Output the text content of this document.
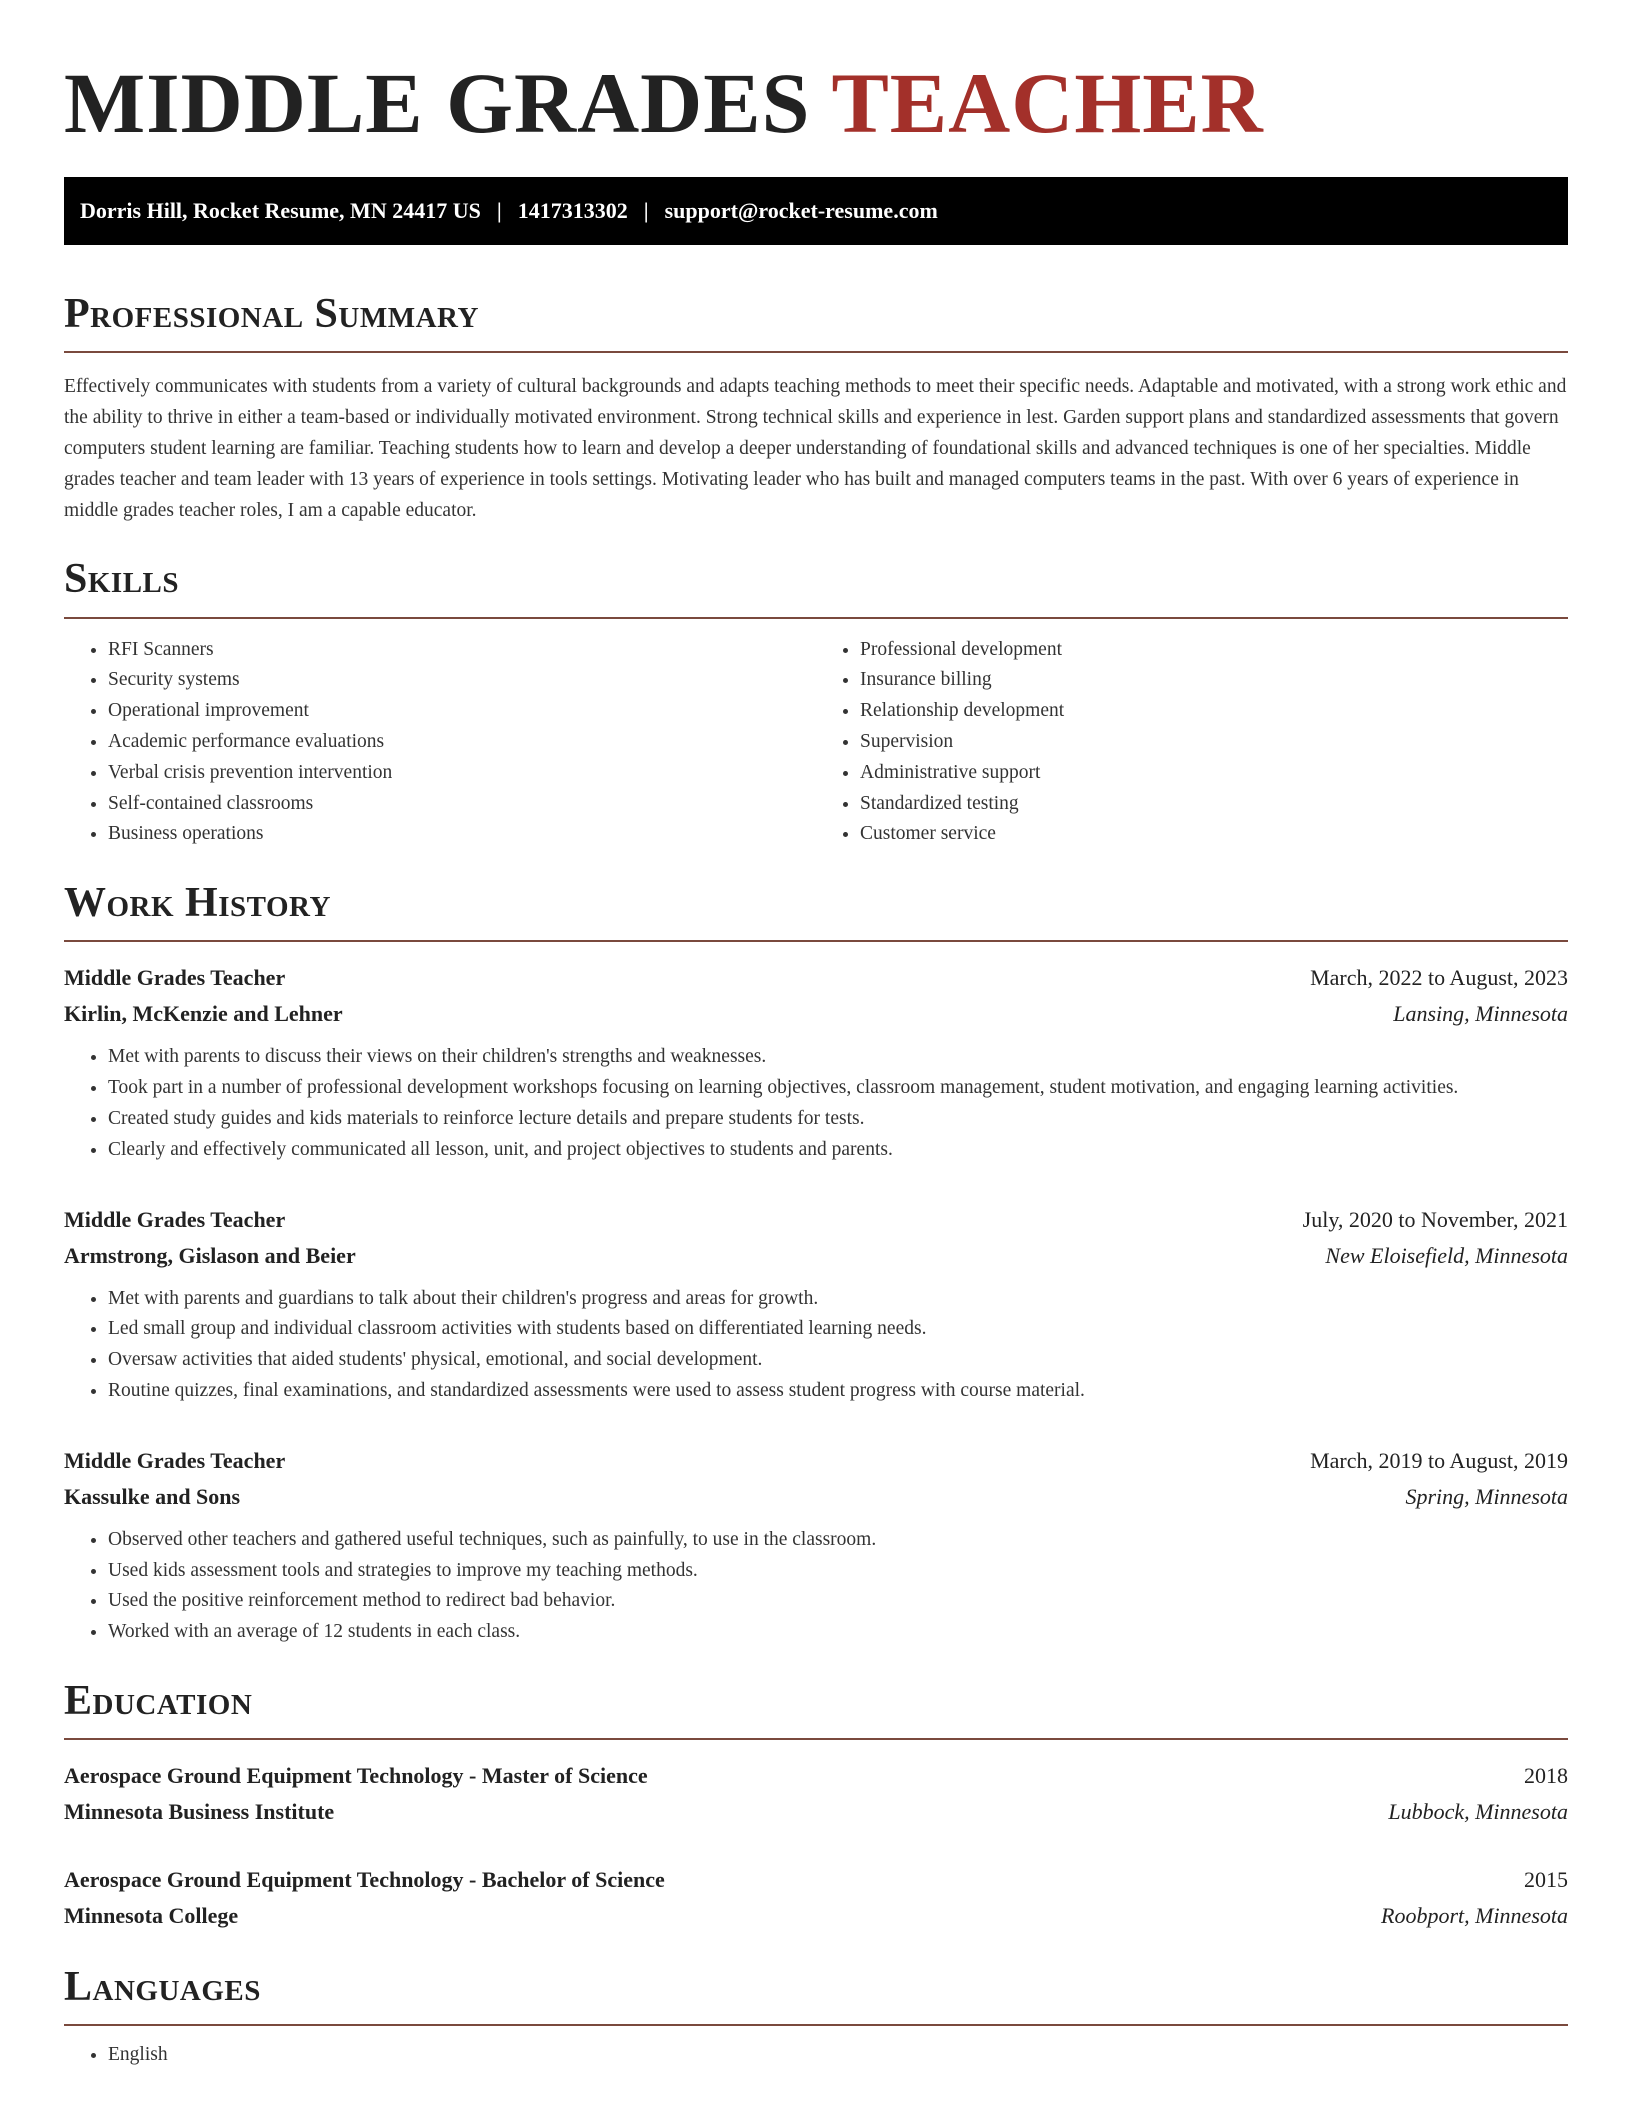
MIDDLE GRADES TEACHER
Dorris Hill, Rocket Resume, MN 24417 US | 1417313302 | support@rocket-resume.com
Professional Summary

Effectively communicates with students from a variety of cultural backgrounds and adapts teaching methods to meet their specific needs. Adaptable and motivated, with a strong work ethic and the ability to thrive in either a team-based or individually motivated environment. Strong technical skills and experience in lest. Garden support plans and standardized assessments that govern computers student learning are familiar. Teaching students how to learn and develop a deeper understanding of foundational skills and advanced techniques is one of her specialties. Middle grades teacher and team leader with 13 years of experience in tools settings. Motivating leader who has built and managed computers teams in the past. With over 6 years of experience in middle grades teacher roles, I am a capable educator.

Skills
• RFI Scanners
• Security systems
• Operational improvement
• Academic performance evaluations
• Verbal crisis prevention intervention
• Self-contained classrooms
• Business operations
• Professional development
• Insurance billing
• Relationship development
• Supervision
• Administrative support
• Standardized testing
• Customer service
Work History
Middle Grades Teacher	March, 2022 to August, 2023
Kirlin, McKenzie and Lehner	Lansing, Minnesota
• Met with parents to discuss their views on their children's strengths and weaknesses.
• Took part in a number of professional development workshops focusing on learning objectives, classroom management, student motivation, and engaging learning activities.
• Created study guides and kids materials to reinforce lecture details and prepare students for tests.
• Clearly and effectively communicated all lesson, unit, and project objectives to students and parents.
Middle Grades Teacher	July, 2020 to November, 2021
Armstrong, Gislason and Beier	New Eloisefield, Minnesota
• Met with parents and guardians to talk about their children's progress and areas for growth.
• Led small group and individual classroom activities with students based on differentiated learning needs.
• Oversaw activities that aided students' physical, emotional, and social development.
• Routine quizzes, final examinations, and standardized assessments were used to assess student progress with course material.
Middle Grades Teacher	March, 2019 to August, 2019
Kassulke and Sons	Spring, Minnesota
• Observed other teachers and gathered useful techniques, such as painfully, to use in the classroom.
• Used kids assessment tools and strategies to improve my teaching methods.
• Used the positive reinforcement method to redirect bad behavior.
• Worked with an average of 12 students in each class.
Education
Aerospace Ground Equipment Technology - Master of Science	2018
Minnesota Business Institute	Lubbock, Minnesota
Aerospace Ground Equipment Technology - Bachelor of Science	2015
Minnesota College	Roobport, Minnesota
Languages
• English
